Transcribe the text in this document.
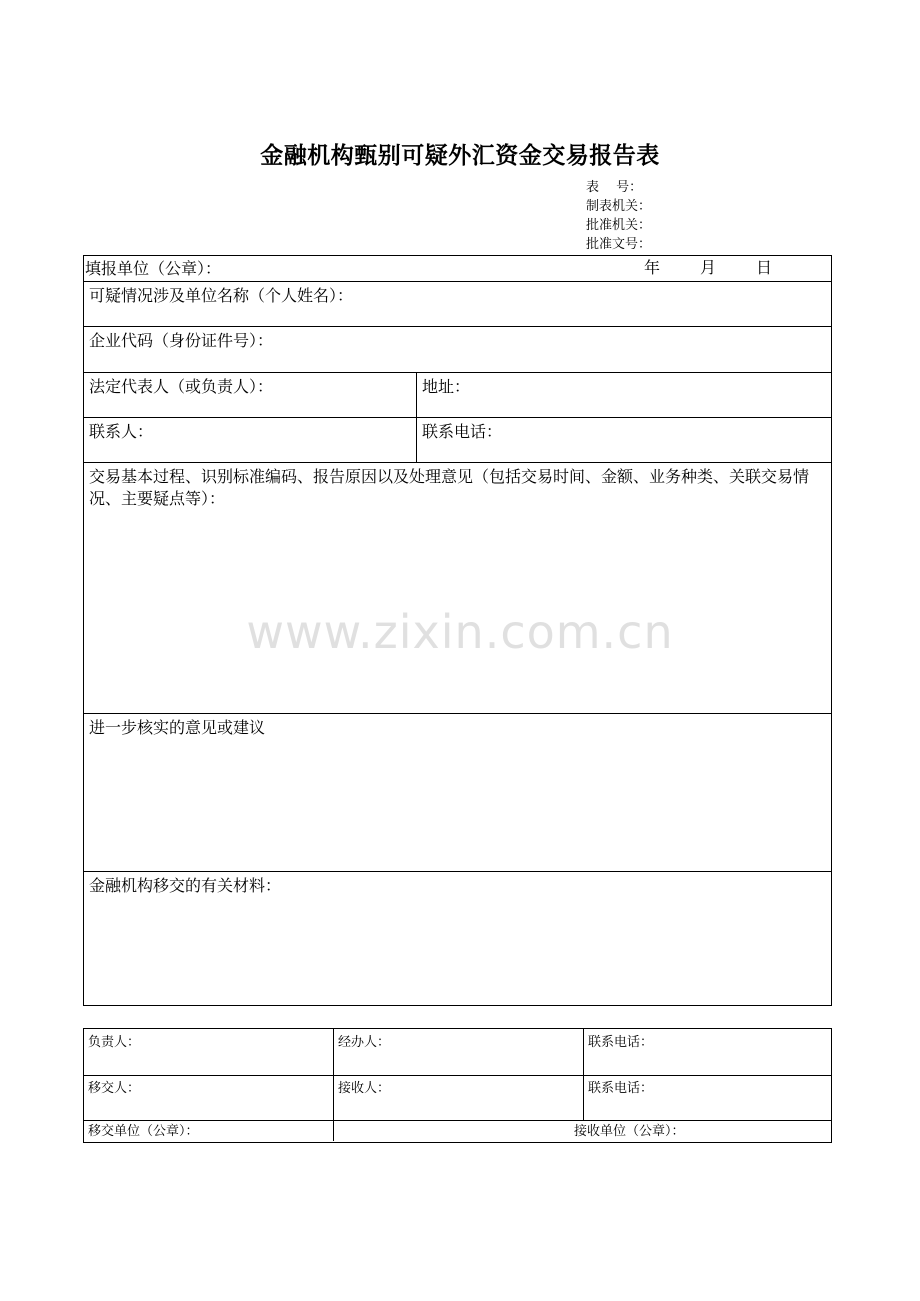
金融机构甄别可疑外汇资金交易报告表
表　 号：
制表机关：
批准机关：
批准文号：
填报单位（公章）：	年 月 日
可疑情况涉及单位名称（个人姓名）：
企业代码（身份证件号）：
法定代表人（或负责人）：	地址：
联系人：	联系电话：
交易基本过程、识别标准编码、报告原因以及处理意见（包括交易时间、金额、业务种类、关联交易情况、主要疑点等）：
进一步核实的意见或建议
金融机构移交的有关材料：
www.zixin.com.cn
负责人：	经办人：	联系电话：
移交人：	接收人：	联系电话：
移交单位（公章）：	接收单位（公章）：
